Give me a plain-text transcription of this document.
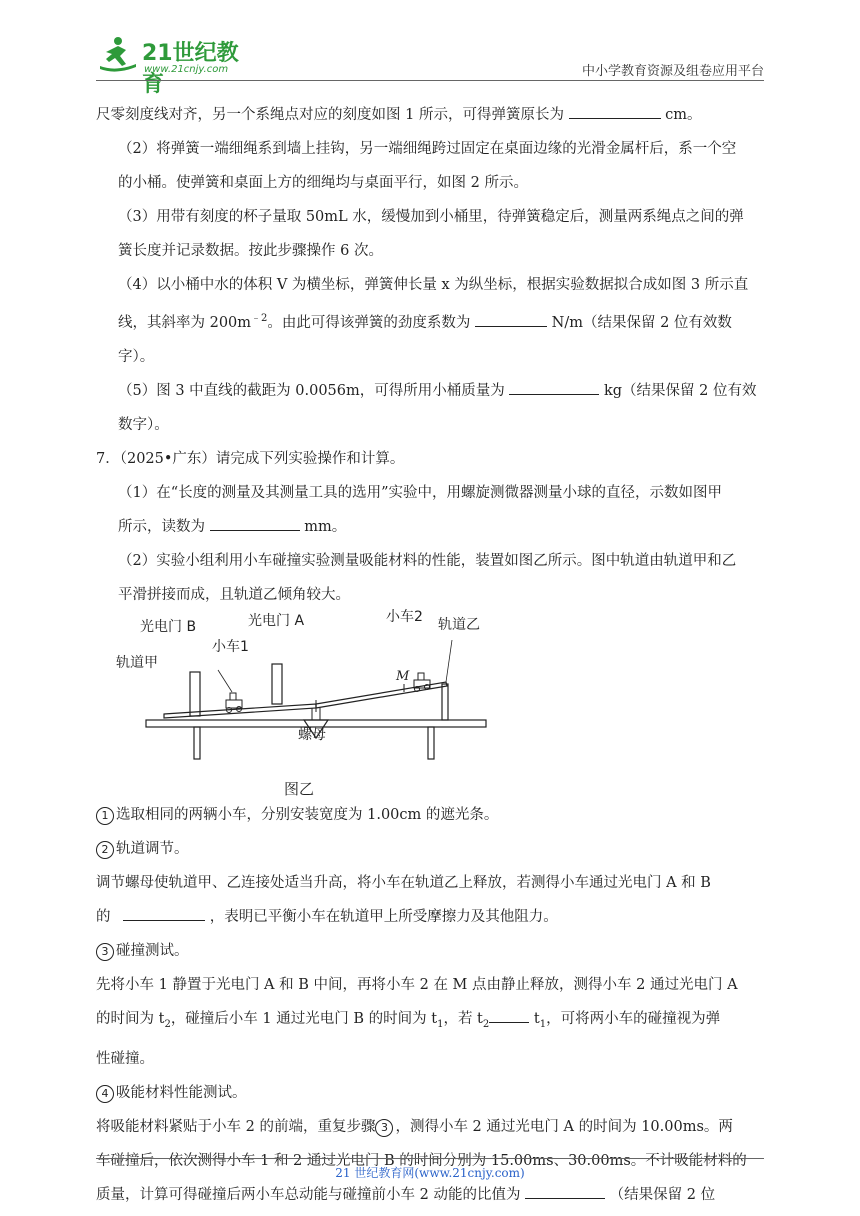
21世纪教育
www.21cnjy.com	中小学教育资源及组卷应用平台

尺零刻度线对齐，另一个系绳点对应的刻度如图 1 所示，可得弹簧原长为	cm。

（2）将弹簧一端细绳系到墙上挂钩，另一端细绳跨过固定在桌面边缘的光滑金属杆后，系一个空

的小桶。使弹簧和桌面上方的细绳均与桌面平行，如图 2 所示。

（3）用带有刻度的杯子量取 50mL 水，缓慢加到小桶里，待弹簧稳定后，测量两系绳点之间的弹

簧长度并记录数据。按此步骤操作 6 次。

（4）以小桶中水的体积 V 为横坐标，弹簧伸长量 x 为纵坐标，根据实验数据拟合成如图 3 所示直

线，其斜率为 $200m^{﹣2}$。由此可得该弹簧的劲度系数为	N/m（结果保留 2 位有效数字）。

（5）图 3 中直线的截距为 0.0056m，可得所用小桶质量为	kg（结果保留 2 位有效

数字）。

7．（2025•广东）请完成下列实验操作和计算。

（1）在“长度的测量及其测量工具的选用”实验中，用螺旋测微器测量小球的直径，示数如图甲

所示，读数为	mm。

（2）实验小组利用小车碰撞实验测量吸能材料的性能，装置如图乙所示。图中轨道由轨道甲和乙

平滑拼接而成，且轨道乙倾角较大。

光电门 B	光电门 A
小车1
小车2 轨道乙
轨道甲
M
螺母
图乙

1 选取相同的两辆小车，分别安装宽度为 1.00cm 的遮光条。

2 轨道调节。

调节螺母使轨道甲、乙连接处适当升高，将小车在轨道乙上释放，若测得小车通过光电门 A 和 B

的	，表明已平衡小车在轨道甲上所受摩擦力及其他阻力。

3 碰撞测试。

先将小车 1 静置于光电门 A 和 B 中间，再将小车 2 在 M 点由静止释放，测得小车 2 通过光电门 A

的时间为 $t_2$，碰撞后小车 1 通过光电门 B 的时间为 $t_1$，若 $t_2$	$t_1$，可将两小车的碰撞视为弹

性碰撞。

4 吸能材料性能测试。

将吸能材料紧贴于小车 2 的前端，重复步骤 3 ，测得小车 2 通过光电门 A 的时间为 10.00ms。两

车碰撞后，依次测得小车 1 和 2 通过光电门 B 的时间分别为 15.00ms、30.00ms。不计吸能材料的

质量，计算可得碰撞后两小车总动能与碰撞前小车 2 动能的比值为	（结果保留 2 位

21 世纪教育网(www.21cnjy.com)
